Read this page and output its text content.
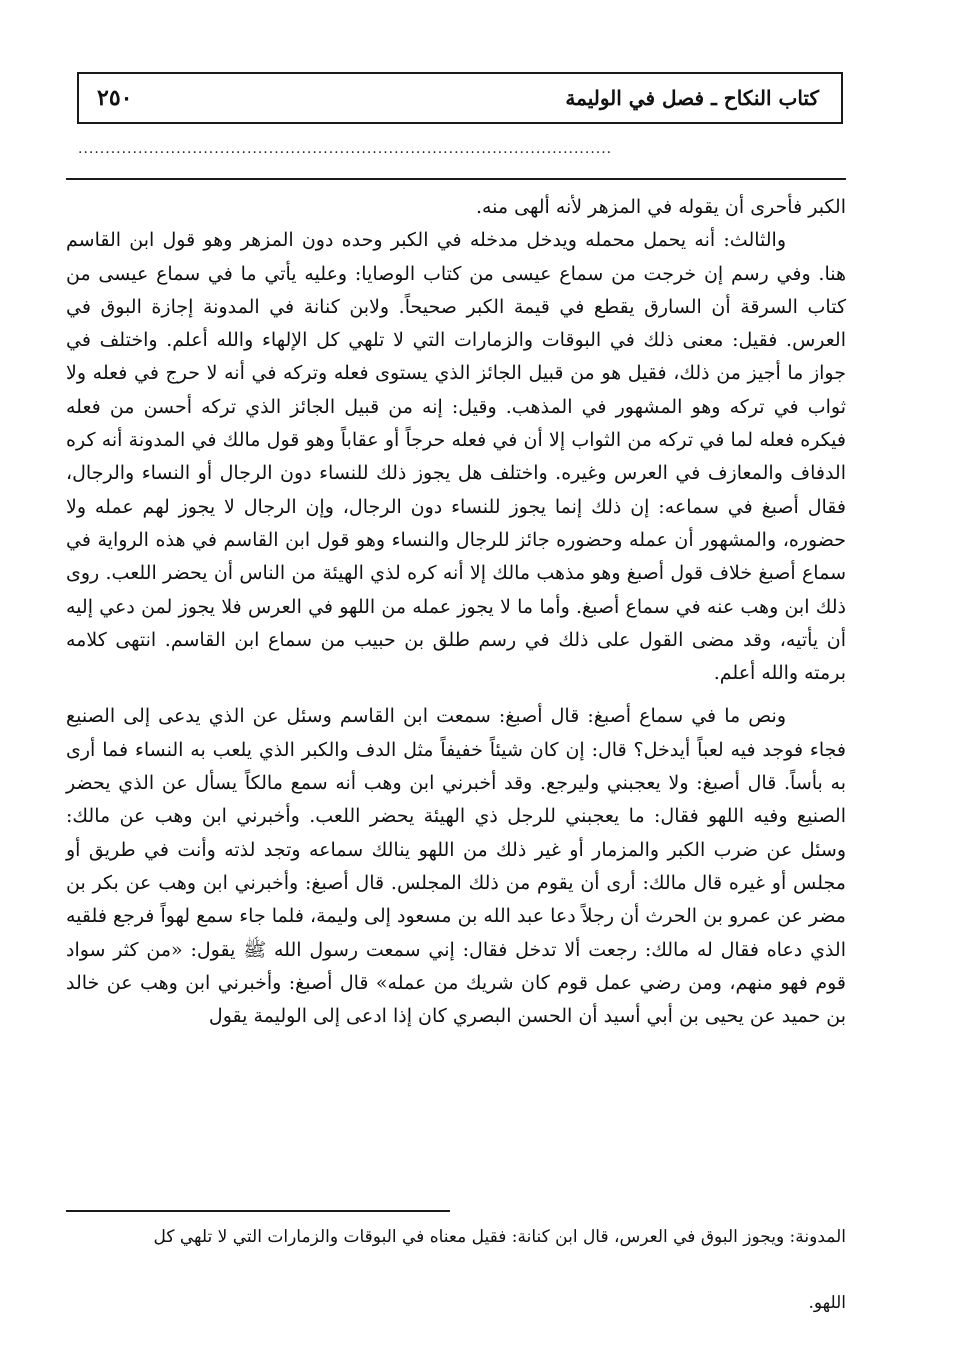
كتاب النكاح ـ فصل في الوليمة
٢٥٠
..................................................................................................

الكبر فأحرى أن يقوله في المزهر لأنه ألهى منه.

والثالث: أنه يحمل محمله ويدخل مدخله في الكبر وحده دون المزهر وهو قول ابن القاسم هنا. وفي رسم إن خرجت من سماع عيسى من كتاب الوصايا: وعليه يأتي ما في سماع عيسى من كتاب السرقة أن السارق يقطع في قيمة الكبر صحيحاً. ولابن كنانة في المدونة إجازة البوق في العرس. فقيل: معنى ذلك في البوقات والزمارات التي لا تلهي كل الإلهاء والله أعلم. واختلف في جواز ما أجيز من ذلك، فقيل هو من قبيل الجائز الذي يستوى فعله وتركه في أنه لا حرج في فعله ولا ثواب في تركه وهو المشهور في المذهب. وقيل: إنه من قبيل الجائز الذي تركه أحسن من فعله فيكره فعله لما في تركه من الثواب إلا أن في فعله حرجاً أو عقاباً وهو قول مالك في المدونة أنه كره الدفاف والمعازف في العرس وغيره. واختلف هل يجوز ذلك للنساء دون الرجال أو النساء والرجال، فقال أصبغ في سماعه: إن ذلك إنما يجوز للنساء دون الرجال، وإن الرجال لا يجوز لهم عمله ولا حضوره، والمشهور أن عمله وحضوره جائز للرجال والنساء وهو قول ابن القاسم في هذه الرواية في سماع أصبغ خلاف قول أصبغ وهو مذهب مالك إلا أنه كره لذي الهيئة من الناس أن يحضر اللعب. روى ذلك ابن وهب عنه في سماع أصبغ. وأما ما لا يجوز عمله من اللهو في العرس فلا يجوز لمن دعي إليه أن يأتيه، وقد مضى القول على ذلك في رسم طلق بن حبيب من سماع ابن القاسم. انتهى كلامه برمته والله أعلم.

ونص ما في سماع أصبغ: قال أصبغ: سمعت ابن القاسم وسئل عن الذي يدعى إلى الصنيع فجاء فوجد فيه لعباً أيدخل؟ قال: إن كان شيئاً خفيفاً مثل الدف والكبر الذي يلعب به النساء فما أرى به بأساً. قال أصبغ: ولا يعجبني وليرجع. وقد أخبرني ابن وهب أنه سمع مالكاً يسأل عن الذي يحضر الصنيع وفيه اللهو فقال: ما يعجبني للرجل ذي الهيئة يحضر اللعب. وأخبرني ابن وهب عن مالك: وسئل عن ضرب الكبر والمزمار أو غير ذلك من اللهو ينالك سماعه وتجد لذته وأنت في طريق أو مجلس أو غيره قال مالك: أرى أن يقوم من ذلك المجلس. قال أصبغ: وأخبرني ابن وهب عن بكر بن مضر عن عمرو بن الحرث أن رجلاً دعا عبد الله بن مسعود إلى وليمة، فلما جاء سمع لهواً فرجع فلقيه الذي دعاه فقال له مالك: رجعت ألا تدخل فقال: إني سمعت رسول الله ﷺ يقول: «من كثر سواد قوم فهو منهم، ومن رضي عمل قوم كان شريك من عمله» قال أصبغ: وأخبرني ابن وهب عن خالد بن حميد عن يحيى بن أبي أسيد أن الحسن البصري كان إذا ادعى إلى الوليمة يقول

المدونة: ويجوز البوق في العرس، قال ابن كنانة: فقيل معناه في البوقات والزمارات التي لا تلهي كل

اللهو.
